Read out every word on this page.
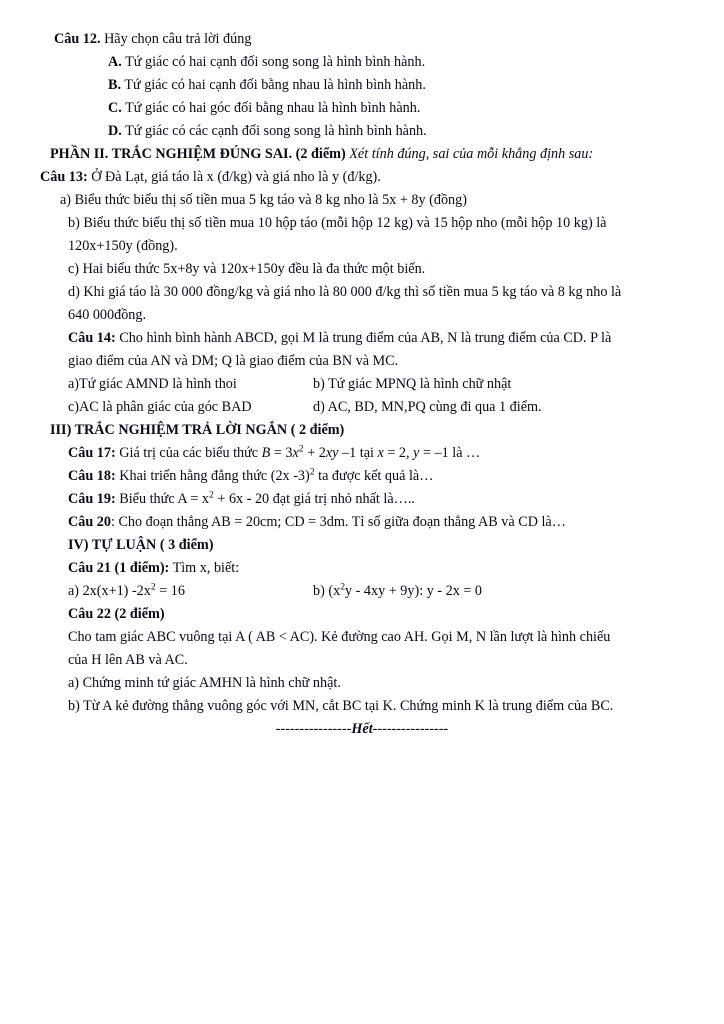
Câu 12. Hãy chọn câu trả lời đúng
A. Tứ giác có hai cạnh đối song song là hình bình hành.
B. Tứ giác có hai cạnh đối bằng nhau là hình bình hành.
C. Tứ giác có hai góc đối bằng nhau là hình bình hành.
D. Tứ giác có các cạnh đối song song là hình bình hành.
PHẦN II. TRẮC NGHIỆM ĐÚNG SAI. (2 điểm) Xét tính đúng, sai của mỗi khẳng định sau:
Câu 13: Ở Đà Lạt, giá táo là x (đ/kg) và giá nho là y (đ/kg).
a) Biểu thức biểu thị số tiền mua 5 kg táo và 8 kg nho là 5x + 8y (đồng)
b) Biểu thức biểu thị số tiền mua 10 hộp táo (mỗi hộp 12 kg) và 15 hộp nho (mỗi hộp 10 kg) là
120x+150y (đồng).
c) Hai biểu thức 5x+8y và 120x+150y đều là đa thức một biến.
d) Khi giá táo là 30 000 đồng/kg và giá nho là 80 000 đ/kg thì số tiền mua 5 kg táo và 8 kg nho là
640 000đồng.
Câu 14: Cho hình bình hành ABCD, gọi M là trung điểm của AB, N là trung điểm của CD. P là
giao điểm của AN và DM; Q là giao điểm của BN và MC.
a)Tứ giác AMND là hình thoi	b) Tứ giác MPNQ là hình chữ nhật
c)AC là phân giác của góc BAD	d) AC, BD, MN,PQ cùng đi qua 1 điểm.
III) TRẮC NGHIỆM TRẢ LỜI NGẮN ( 2 điểm)
Câu 17: Giá trị của các biểu thức $B = 3x^2 + 2xy$ –1 tại x = 2, y = –1 là …
Câu 18: Khai triển hằng đẳng thức (2x -3)$^2$ ta được kết quả là…
Câu 19: Biểu thức $A = x^2 + 6x - 20$ đạt giá trị nhỏ nhất là…..
Câu 20: Cho đoạn thẳng AB = 20cm; CD = 3dm. Tỉ số giữa đoạn thẳng AB và CD là…
IV) TỰ LUẬN ( 3 điểm)
Câu 21 (1 điểm): Tìm x, biết:
a) 2x(x+1) $-2x^2 = 16$	b) $(x^2y - 4xy + 9y)$: y - 2x = 0
Câu 22 (2 điểm)
Cho tam giác ABC vuông tại A ( AB < AC). Kẻ đường cao AH. Gọi M, N lần lượt là hình chiếu
của H lên AB và AC.
a) Chứng minh tứ giác AMHN là hình chữ nhật.
b) Từ A kẻ đường thẳng vuông góc với MN, cắt BC tại K. Chứng minh K là trung điểm của BC.
----------------Hết----------------
